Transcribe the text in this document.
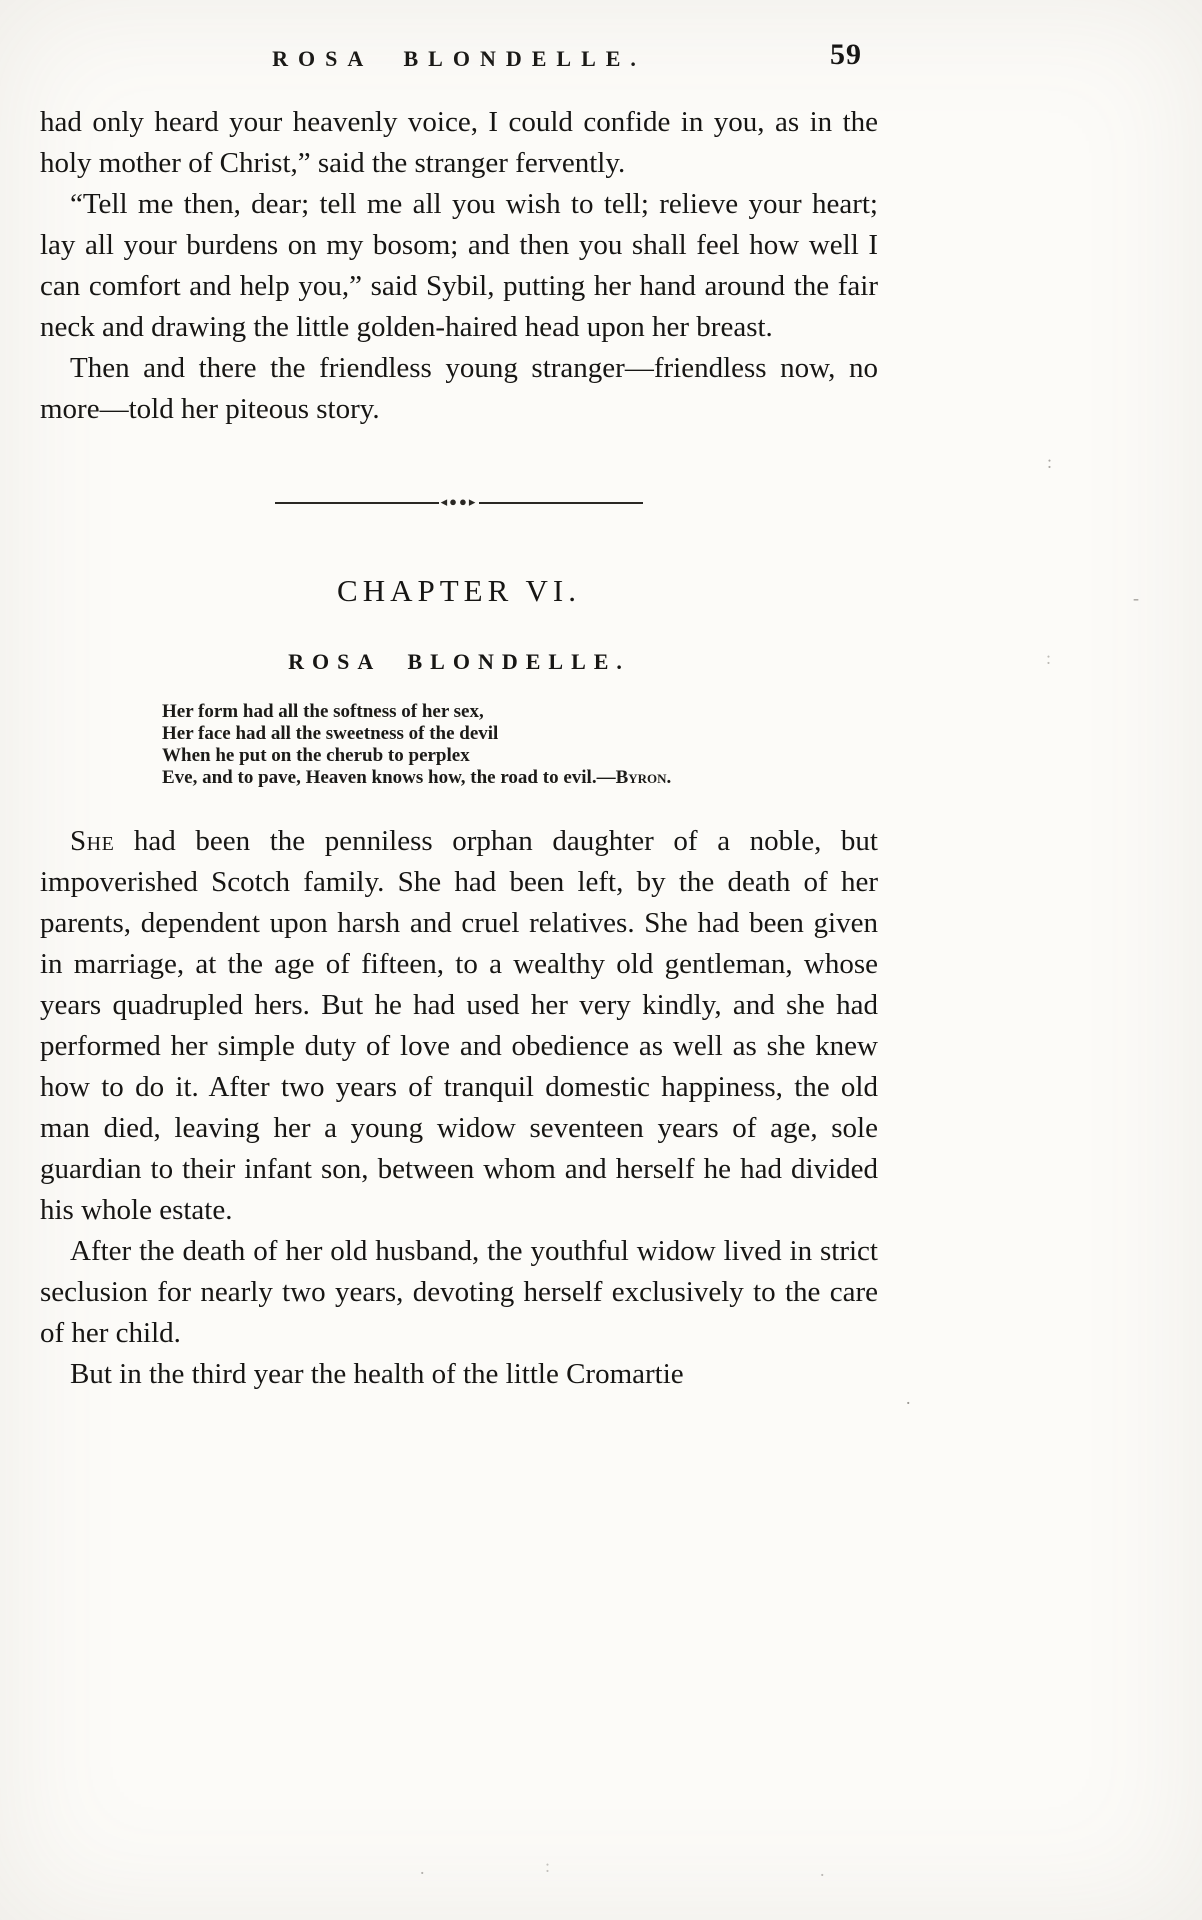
ROSA BLONDELLE.	59

had only heard your heavenly voice, I could confide in you, as in the holy mother of Christ,” said the stranger fervently.

“Tell me then, dear; tell me all you wish to tell; relieve your heart; lay all your burdens on my bosom; and then you shall feel how well I can comfort and help you,” said Sybil, putting her hand around the fair neck and drawing the little golden-haired head upon her breast.

Then and there the friendless young stranger—friendless now, no more—told her piteous story.

◂●●▸
CHAPTER VI.
ROSA BLONDELLE.
Her form had all the softness of her sex,
Her face had all the sweetness of the devil
When he put on the cherub to perplex
Eve, and to pave, Heaven knows how, the road to evil.—Byron.

She had been the penniless orphan daughter of a noble, but impoverished Scotch family. She had been left, by the death of her parents, dependent upon harsh and cruel relatives. She had been given in marriage, at the age of fifteen, to a wealthy old gentleman, whose years quadrupled hers. But he had used her very kindly, and she had performed her simple duty of love and obedience as well as she knew how to do it. After two years of tranquil domestic happiness, the old man died, leaving her a young widow seventeen years of age, sole guardian to their infant son, between whom and herself he had divided his whole estate.

After the death of her old husband, the youthful widow lived in strict seclusion for nearly two years, devoting herself exclusively to the care of her child.

But in the third year the health of the little Cromartie

:
-
:
.
.	:	.
